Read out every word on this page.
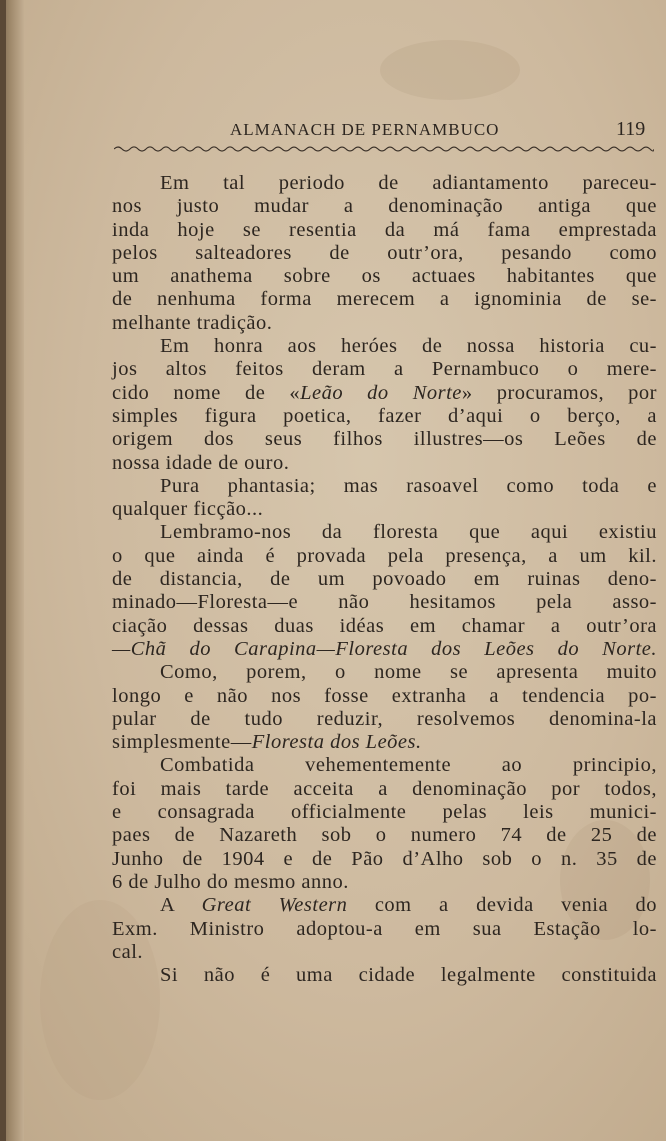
ALMANACH DE PERNAMBUCO	119
Em tal periodo de adiantamento pareceu-
nos justo mudar a denominação antiga que
inda hoje se resentia da má fama emprestada
pelos salteadores de outr’ora, pesando como
um anathema sobre os actuaes habitantes que
de nenhuma forma merecem a ignominia de se-
melhante tradição.
Em honra aos heróes de nossa historia cu-
jos altos feitos deram a Pernambuco o mere-
cido nome de «Leão do Norte» procuramos, por
simples figura poetica, fazer d’aqui o berço, a
origem dos seus filhos illustres—os Leões de
nossa idade de ouro.
Pura phantasia; mas rasoavel como toda e
qualquer ficção...
Lembramo-nos da floresta que aqui existiu
o que ainda é provada pela presença, a um kil.
de distancia, de um povoado em ruinas deno-
minado—Floresta—e não hesitamos pela asso-
ciação dessas duas idéas em chamar a outr’ora
—Chã do Carapina—Floresta dos Leões do Norte.
Como, porem, o nome se apresenta muito
longo e não nos fosse extranha a tendencia po-
pular de tudo reduzir, resolvemos denomina-la
simplesmente—Floresta dos Leões.
Combatida vehementemente ao principio,
foi mais tarde acceita a denominação por todos,
e consagrada officialmente pelas leis munici-
paes de Nazareth sob o numero 74 de 25 de
Junho de 1904 e de Pão d’Alho sob o n. 35 de
6 de Julho do mesmo anno.
A Great Western com a devida venia do
Exm. Ministro adoptou-a em sua Estação lo-
cal.
Si não é uma cidade legalmente constituida
